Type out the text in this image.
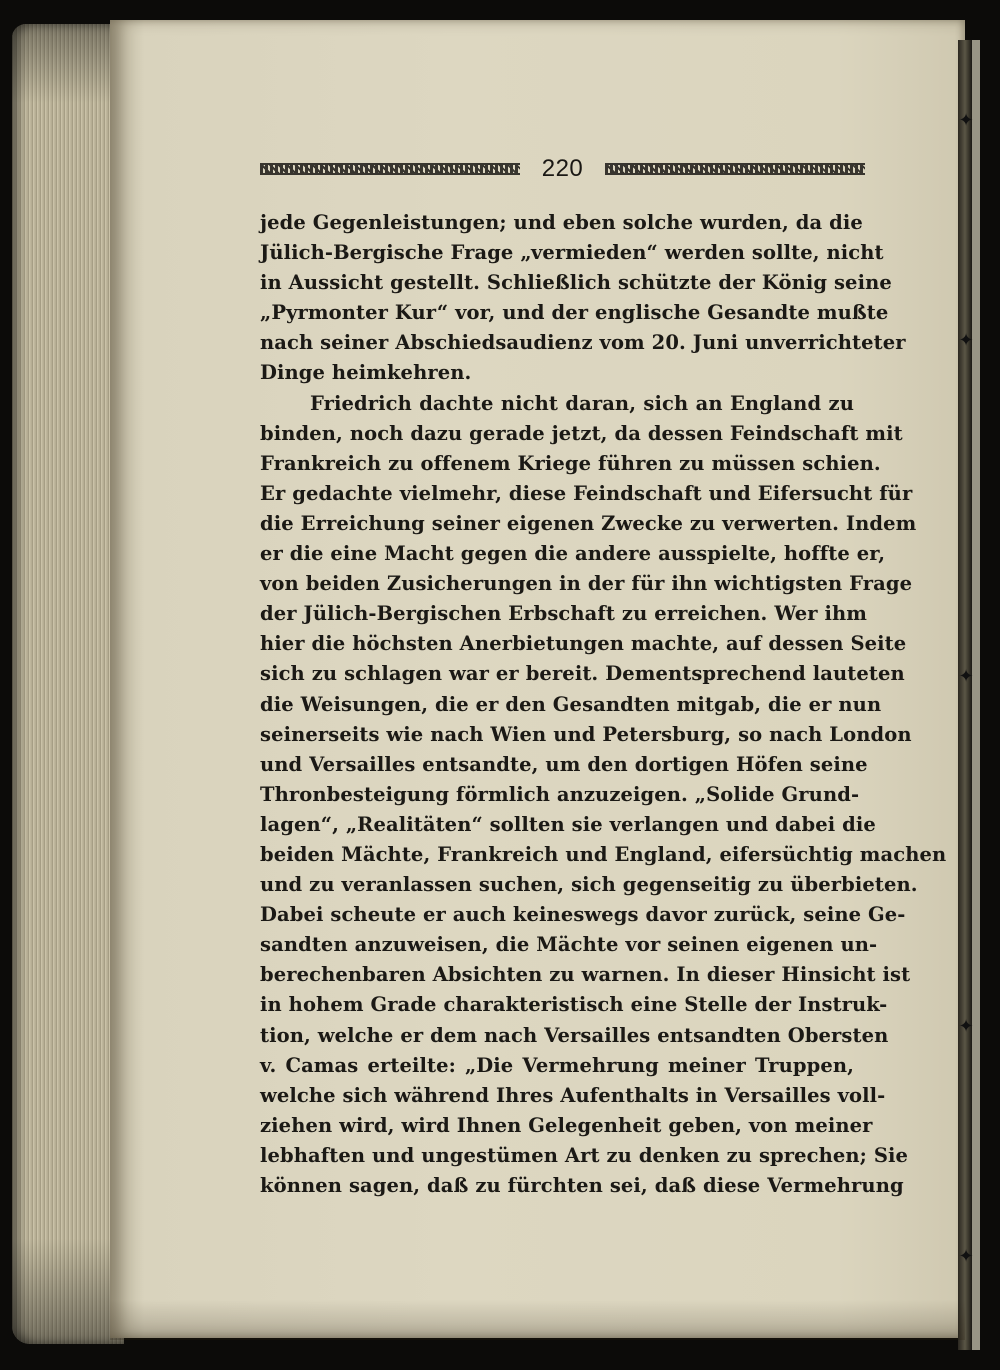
✦
✦
✦
✦
✦
220
jede Gegenleistungen; und eben solche wurden, da die
Jülich-Bergische Frage „vermieden“ werden sollte, nicht
in Aussicht gestellt. Schließlich schützte der König seine
„Pyrmonter Kur“ vor, und der englische Gesandte mußte
nach seiner Abschiedsaudienz vom 20. Juni unverrichteter
Dinge heimkehren.
Friedrich dachte nicht daran, sich an England zu
binden, noch dazu gerade jetzt, da dessen Feindschaft mit
Frankreich zu offenem Kriege führen zu müssen schien.
Er gedachte vielmehr, diese Feindschaft und Eifersucht für
die Erreichung seiner eigenen Zwecke zu verwerten. Indem
er die eine Macht gegen die andere ausspielte, hoffte er,
von beiden Zusicherungen in der für ihn wichtigsten Frage
der Jülich-Bergischen Erbschaft zu erreichen. Wer ihm
hier die höchsten Anerbietungen machte, auf dessen Seite
sich zu schlagen war er bereit. Dementsprechend lauteten
die Weisungen, die er den Gesandten mitgab, die er nun
seinerseits wie nach Wien und Petersburg, so nach London
und Versailles entsandte, um den dortigen Höfen seine
Thronbesteigung förmlich anzuzeigen. „Solide Grund-
lagen“, „Realitäten“ sollten sie verlangen und dabei die
beiden Mächte, Frankreich und England, eifersüchtig machen
und zu veranlassen suchen, sich gegenseitig zu überbieten.
Dabei scheute er auch keineswegs davor zurück, seine Ge-
sandten anzuweisen, die Mächte vor seinen eigenen un-
berechenbaren Absichten zu warnen. In dieser Hinsicht ist
in hohem Grade charakteristisch eine Stelle der Instruk-
tion, welche er dem nach Versailles entsandten Obersten
v. Camas erteilte: „Die Vermehrung meiner Truppen,
welche sich während Ihres Aufenthalts in Versailles voll-
ziehen wird, wird Ihnen Gelegenheit geben, von meiner
lebhaften und ungestümen Art zu denken zu sprechen; Sie
können sagen, daß zu fürchten sei, daß diese Vermehrung
